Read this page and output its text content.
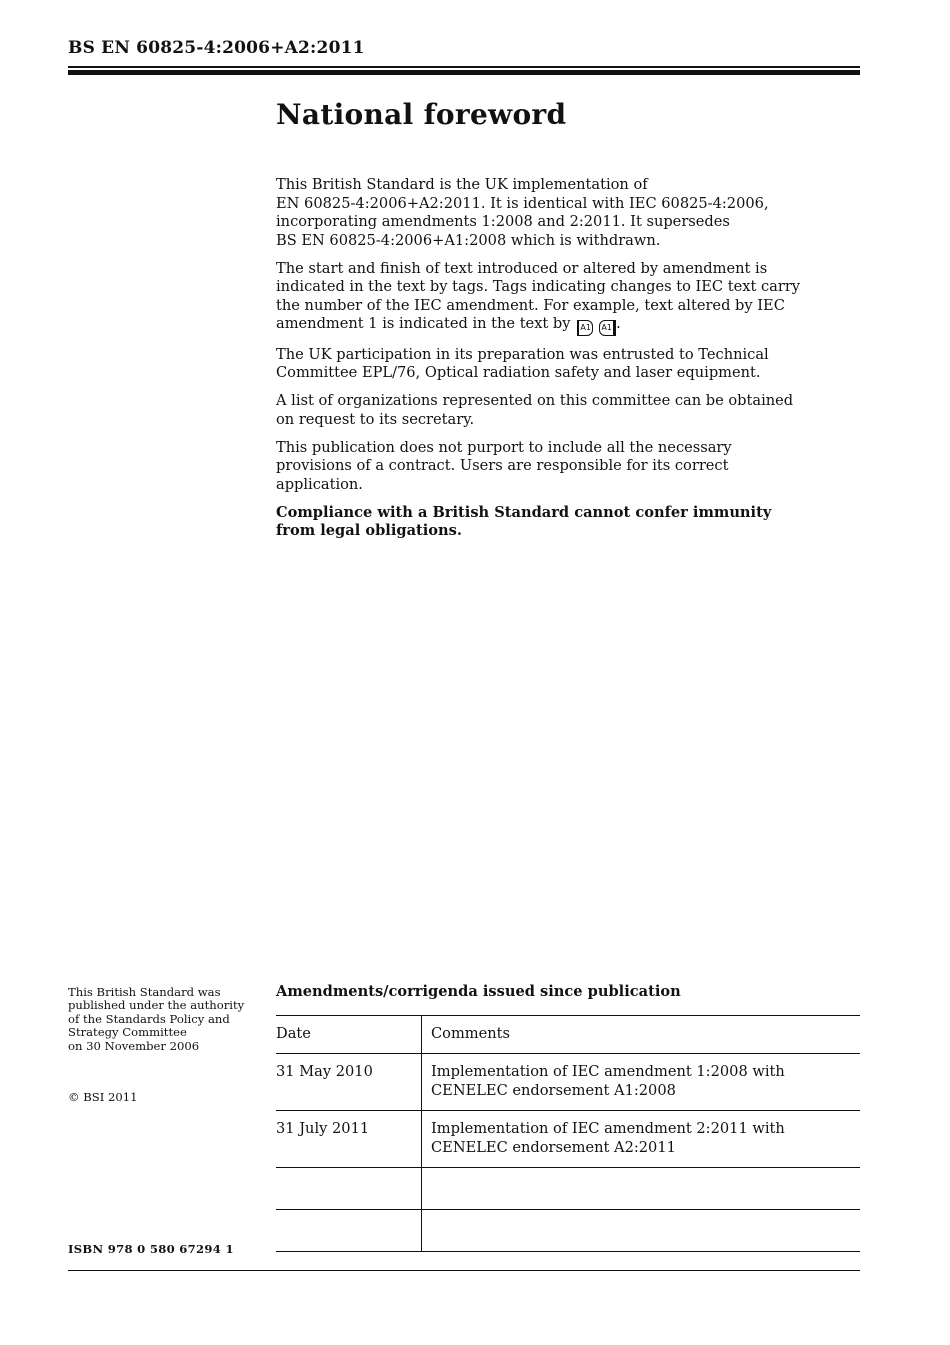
BS EN 60825-4:2006+A2:2011
National foreword

This British Standard is the UK implementation of
EN 60825-4:2006+A2:2011. It is identical with IEC 60825-4:2006,
incorporating amendments 1:2008 and 2:2011. It supersedes
BS EN 60825-4:2006+A1:2008 which is withdrawn.

The start and finish of text introduced or altered by amendment is
indicated in the text by tags. Tags indicating changes to IEC text carry
the number of the IEC amendment. For example, text altered by IEC
amendment 1 is indicated in the text by A1 A1 .

The UK participation in its preparation was entrusted to Technical
Committee EPL/76, Optical radiation safety and laser equipment.

A list of organizations represented on this committee can be obtained
on request to its secretary.

This publication does not purport to include all the necessary
provisions of a contract. Users are responsible for its correct
application.

Compliance with a British Standard cannot confer immunity
from legal obligations.

This British Standard was
published under the authority
of the Standards Policy and
Strategy Committee
on 30 November 2006
© BSI 2011
ISBN 978 0 580 67294 1
Amendments/corrigenda issued since publication
Date	Comments

31 May 2010	Implementation of IEC amendment 1:2008 with
CENELEC endorsement A1:2008

31 July 2011	Implementation of IEC amendment 2:2011 with
CENELEC endorsement A2:2011
